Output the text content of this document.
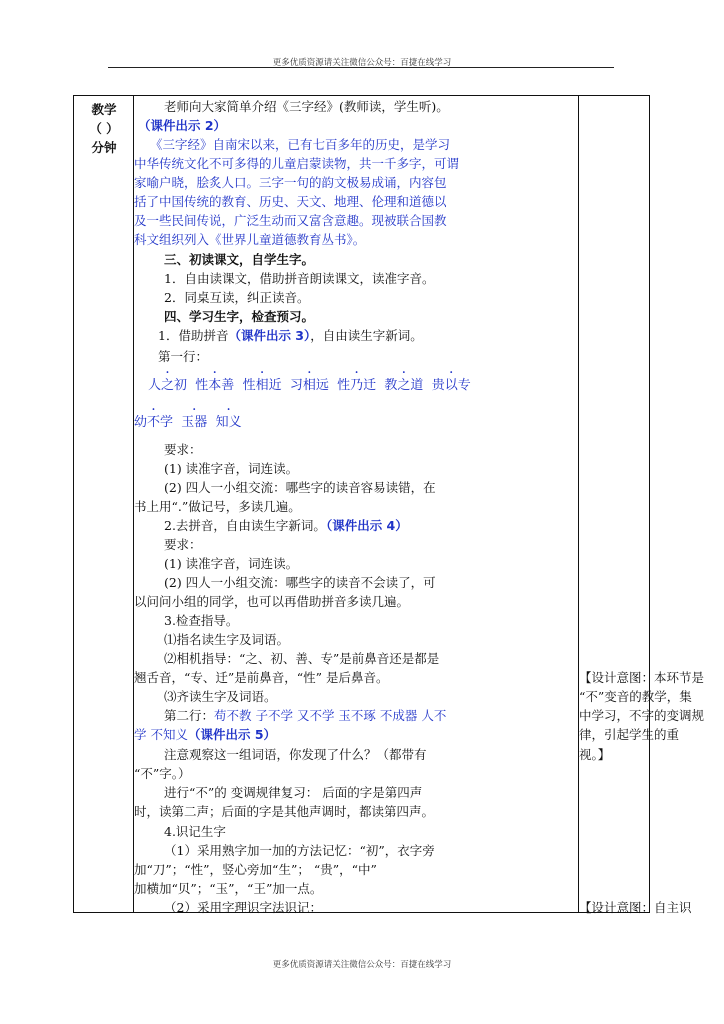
更多优质资源请关注微信公众号：百捷在线学习
教学
（ ）
分钟
老师向大家简单介绍《三字经》(教师读，学生听)。
（课件出示 2）
《三字经》自南宋以来，已有七百多年的历史，是学习
中华传统文化不可多得的儿童启蒙读物，共一千多字，可谓
家喻户晓，脍炙人口。三字一句的韵文极易成诵，内容包
括了中国传统的教育、历史、天文、地理、伦理和道德以
及一些民间传说，广泛生动而又富含意趣。现被联合国教
科文组织列入《世界儿童道德教育丛书》。
三、初读课文，自学生字。
1．自由读课文，借助拼音朗读课文，读准字音。
2．同桌互读，纠正读音。
四、学习生字，检查预习。
1．借助拼音（课件出示 3），自由读生字新词。
第一行：
人之初 性本善 性相近 习相远 性乃迁 教之道 贵以专
幼不学 玉器 知义
要求：
(1) 读准字音，词连读。
(2) 四人一小组交流：哪些字的读音容易读错，在
书上用“.”做记号，多读几遍。
2.去拼音，自由读生字新词。（课件出示 4）
要求：
(1) 读准字音，词连读。
(2) 四人一小组交流：哪些字的读音不会读了，可
以问问小组的同学，也可以再借助拼音多读几遍。
3.检查指导。
⑴指名读生字及词语。
⑵相机指导：“之、初、善、专”是前鼻音还是都是
翘舌音，“专、迁”是前鼻音，“性” 是后鼻音。
⑶齐读生字及词语。
第二行：苟不教 子不学 又不学 玉不琢 不成器 人不
学 不知义（课件出示 5）
注意观察这一组词语，你发现了什么？（都带有
“不”字。）
进行“不”的 变调规律复习： 后面的字是第四声
时，读第二声；后面的字是其他声调时，都读第四声。
4.识记生字
（1）采用熟字加一加的方法记忆：“初”，衣字旁
加“刀”；“性”，竖心旁加“生”； “贵”，“中”
加横加“贝”；“玉”，“王”加一点。
（2）采用字理识字法识记：
【设计意图：本环节是
“不”变音的教学，集
中学习，不字的变调规
律，引起学生的重
视。】
【设计意图：自主识
更多优质资源请关注微信公众号：百捷在线学习
